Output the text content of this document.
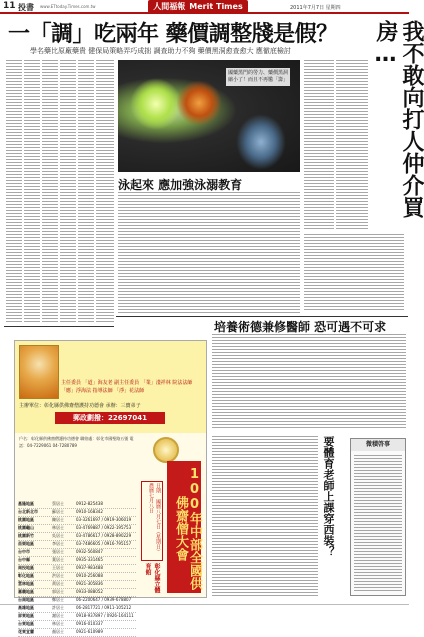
11 投書 www.ETtoday.Times.com.tw	人間福報 Merit Times	2011年7月7日 星期四
一「調」吃兩年 藥價調整牋是假？
學名藥比原廠藥貴 健保局策略弄巧成拙 調查助力不夠 藥價黑洞愈查愈大 應徹底檢討	我不敢向打人仲介買房…
國藥黑門的勞力、藥價黑洞縮小了！而且不再尷「籌」
泳起來 應加強泳溺教育
培養術德兼修醫師 恐可遇不可求
要體育老師上課穿西裝？	微積啓事
主任委員 「道」海友老 副主任委員 「業」淺祥林 院法法師 「應」浮海法 指導法師 「淨」花法師
主辦單位：彰化縣供佛齋僧護持功德會 承辦：三寶弟子
郵政劃撥：22697041
戶名：彰化縣供佛齋僧護持功德會 聯絡處：彰化市國聖路五號 電話：04-7229061 04-7280789
日期 國曆八月七日（星期日） 農曆七月八日	100年中部全國供佛齋僧大會
彰化縣立體育館
基隆地區	蔡居士	0912-825438
台北新北市	蘇居士	0910-168342
桃園地區	陳居士	03-3261697 / 0919-306019
桃園龜山	林居士	03-4769887 / 0922-195753
桃園新竹	吳居士	03-4786617 / 0928-890229
苗栗地區	李居士	03-7486605 / 0916-795157
台中市	張居士	0932-560847
台中縣	葉居士	0935-331465
南投地區	王居士	0937-983488
彰化地區	洪居士	0910-256088
雲林地區	黃居士	0921-305836
嘉義地區	郭居士	0933-088052
台南地區	鄭居士	06-2200647 / 0939-678807
高雄地區	許居士	06-2817721 / 0911-105212
屏東地區	謝居士	0918-937897 / 0926-164111
台東地區	林居士	0916-010337
花東宜蘭	顏居士	0921-610989
